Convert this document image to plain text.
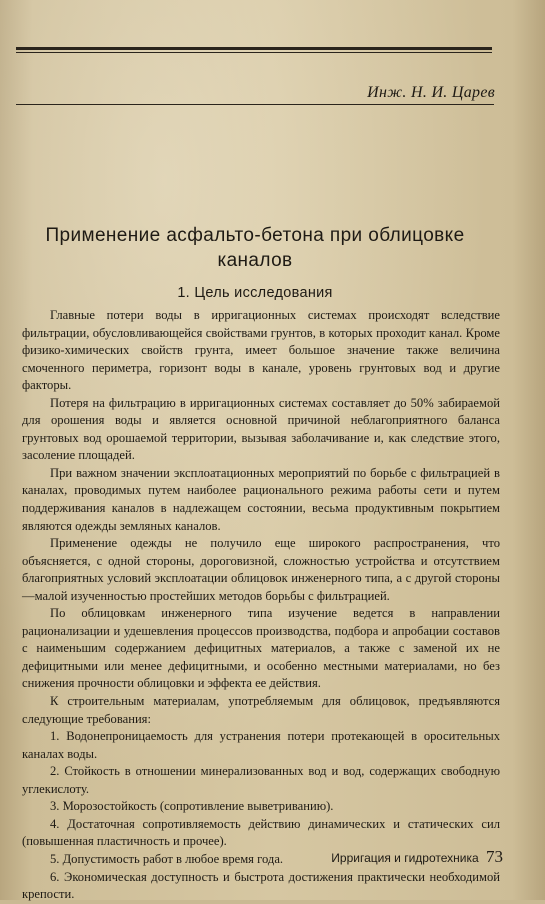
Инж. Н. И. Царев
Применение асфальто-бетона при облицовке
каналов
1. Цель исследования

Главные потери воды в ирригационных системах происходят вследствие фильтрации, обусловливающейся свойствами грунтов, в которых проходит канал. Кроме физико-химических свойств грунта, имеет большое значение также величина смоченного периметра, горизонт воды в канале, уровень грунтовых вод и другие факторы.

Потеря на фильтрацию в ирригационных системах составляет до 50% забираемой для орошения воды и является основной причиной неблагоприятного баланса грунтовых вод орошаемой территории, вызывая заболачивание и, как следствие этого, засоление площадей.

При важном значении эксплоатационных мероприятий по борьбе с фильтрацией в каналах, проводимых путем наиболее рационального режима работы сети и путем поддерживания каналов в надлежащем состоянии, весьма продуктивным покрытием являются одежды земляных каналов.

Применение одежды не получило еще широкого распространения, что объясняется, с одной стороны, дороговизной, сложностью устройства и отсутствием благоприятных условий эксплоатации облицовок инженерного типа, а с другой стороны—малой изученностью простейших методов борьбы с фильтрацией.

По облицовкам инженерного типа изучение ведется в направлении рационализации и удешевления процессов производства, подбора и апробации составов с наименьшим содержанием дефицитных материалов, а также с заменой их не дефицитными или менее дефицитными, и особенно местными материалами, но без снижения прочности облицовки и эффекта ее действия.

К строительным материалам, употребляемым для облицовок, предъявляются следующие требования:

1. Водонепроницаемость для устранения потери протекающей в оросительных каналах воды.

2. Стойкость в отношении минерализованных вод и вод, содержащих свободную углекислоту.

3. Морозостойкость (сопротивление выветриванию).

4. Достаточная сопротивляемость действию динамических и статических сил (повышенная пластичность и прочее).

5. Допустимость работ в любое время года.

6. Экономическая доступность и быстрота достижения практически необходимой крепости.

Ирригация и гидротехника 73
